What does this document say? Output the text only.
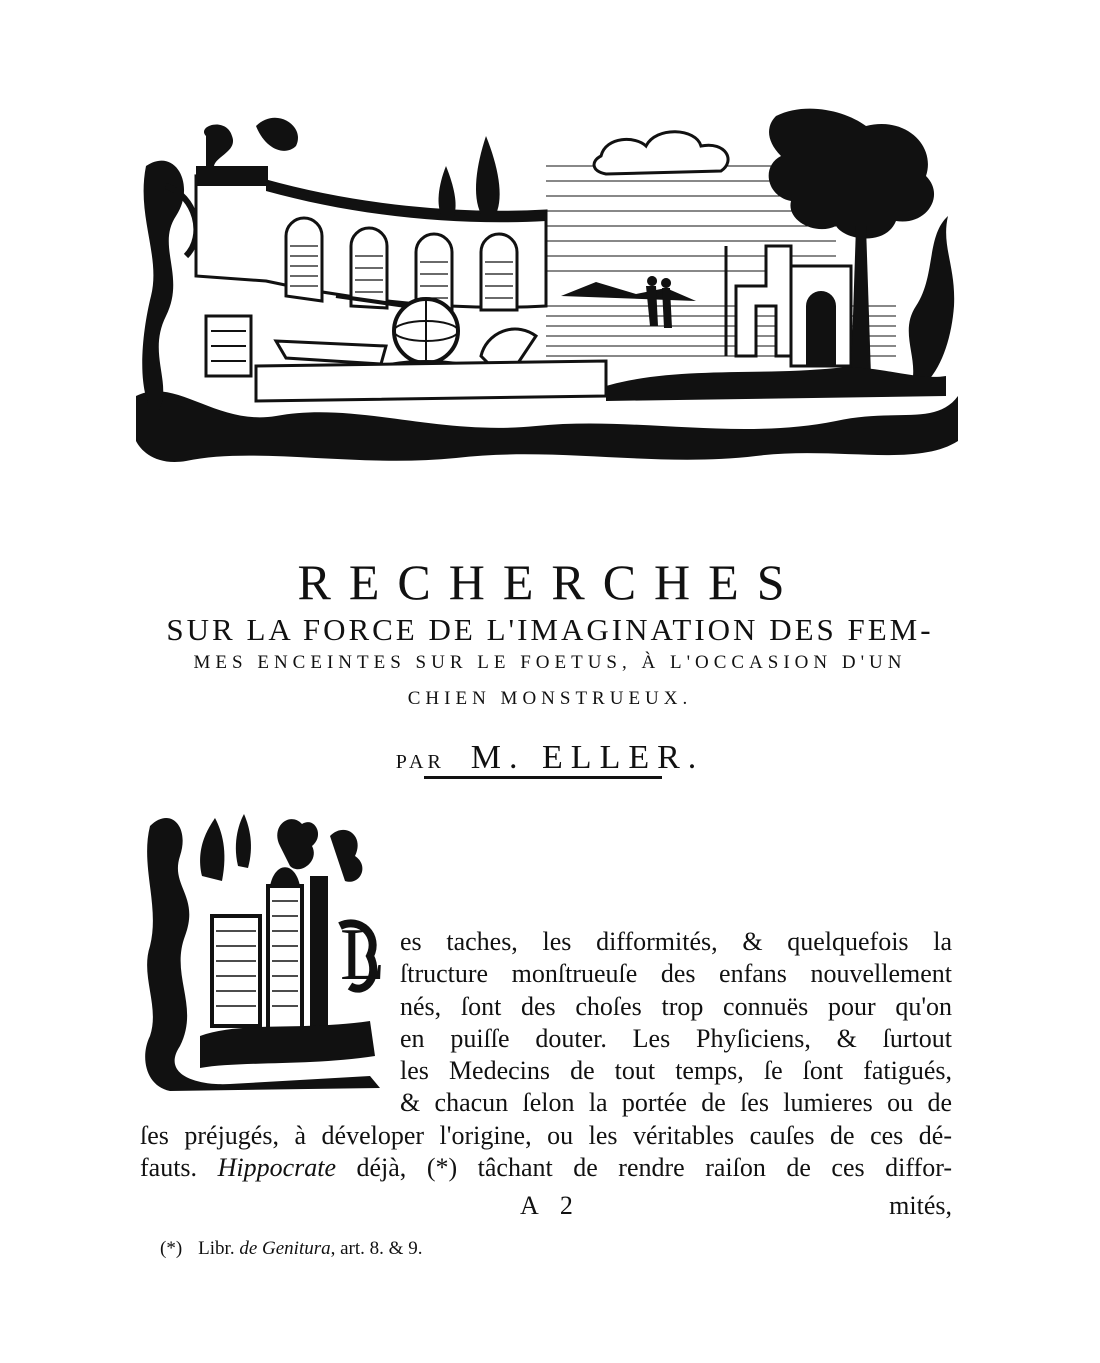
RECHERCHES
SUR LA FORCE DE L'IMAGINATION DES FEM-
MES ENCEINTES SUR LE FOETUS, À L'OCCASION D'UN
CHIEN MONSTRUEUX.
PAR M. ELLER.
L es taches, les difformités, & quelquefois la
ſtructure monſtrueuſe des enfans nouvellement
nés, ſont des choſes trop connuës pour qu'on
en puiſſe douter. Les Phyſiciens, & ſurtout
les Medecins de tout temps, ſe ſont fatigués,
& chacun ſelon la portée de ſes lumieres ou de
ſes préjugés, à déveloper l'origine, ou les véritables cauſes de ces dé-
fauts. Hippocrate déjà, (*) tâchant de rendre raiſon de ces diffor-
A 2	mités,
(*) Libr. de Genitura, art. 8. & 9.
